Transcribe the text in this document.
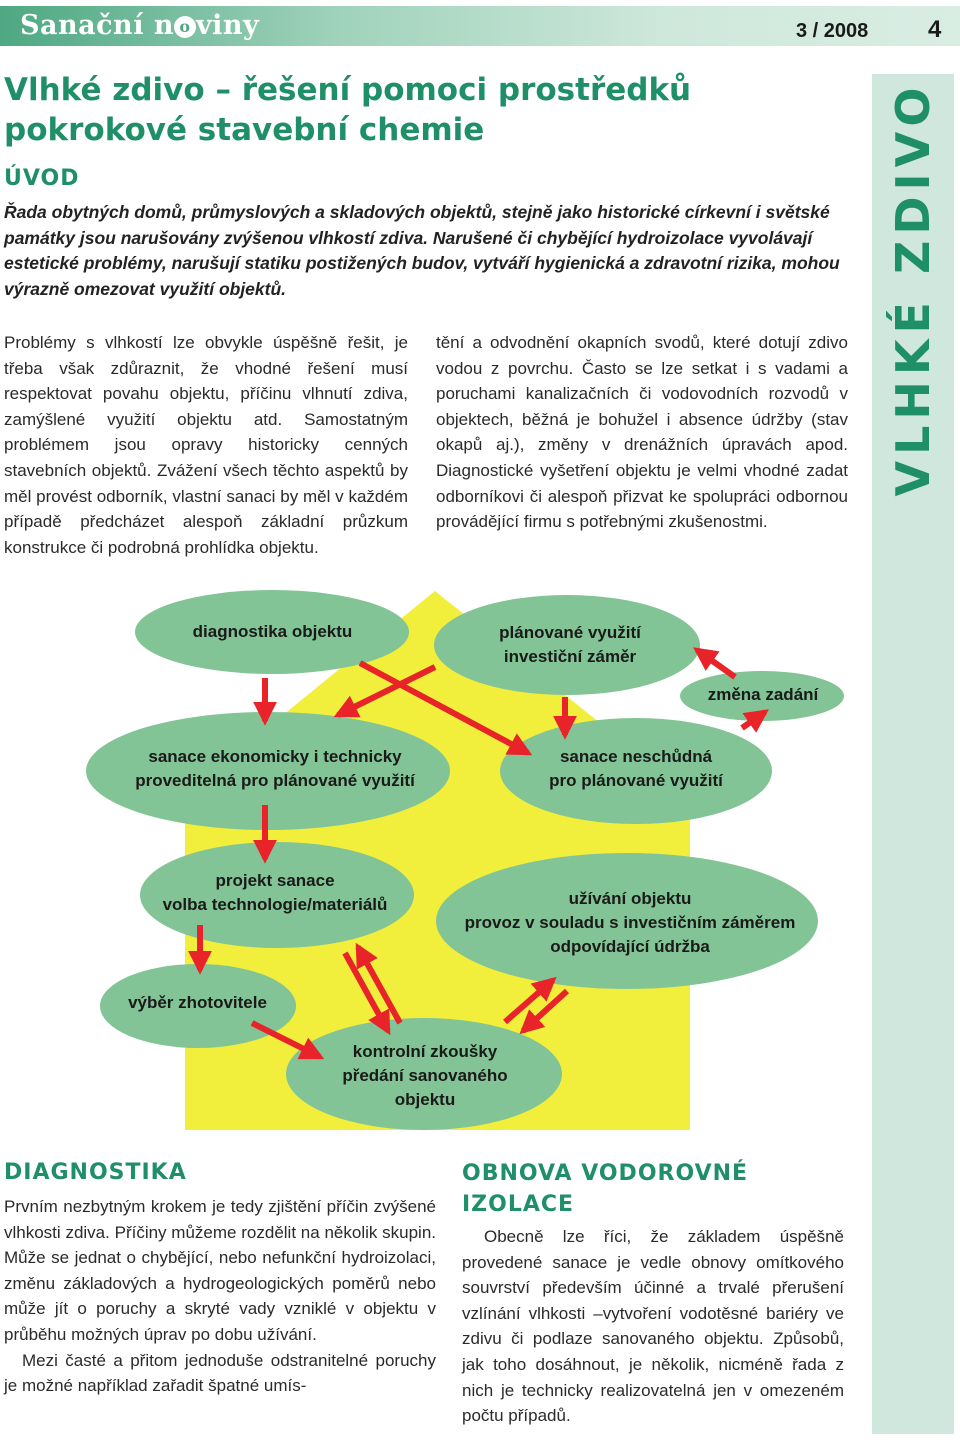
Sanační n o viny	3 / 2008 4
VLHKÉ ZDIVO
Vlhké zdivo – řešení pomoci prostředků pokrokové stavební chemie
ÚVOD

Řada obytných domů, průmyslových a skladových objektů, stejně jako historické církevní i světské památky jsou narušovány zvýšenou vlhkostí zdiva. Narušené či chybějící hydroizolace vyvolávají estetické problémy, narušují statiku postižených budov, vytváří hygienická a zdravotní rizika, mohou výrazně omezovat využití objektů.

Problémy s vlhkostí lze obvykle úspěšně řešit, je třeba však zdůraznit, že vhodné řešení musí respektovat povahu objektu, příčinu vlhnutí zdiva, zamýšlené využití objektu atd. Samostatným problémem jsou opravy historicky cenných stavebních objektů. Zvážení všech těchto aspektů by měl provést odborník, vlastní sanaci by měl v každém případě předcházet alespoň základní průzkum konstrukce či podrobná prohlídka objektu.

tění a odvodnění okapních svodů, které dotují zdivo vodou z povrchu. Často se lze setkat i s vadami a poruchami kanalizačních či vodovodních rozvodů v objektech, běžná je bohužel i absence údržby (stav okapů aj.), změny v drenážních úpravách apod. Diagnostické vyšetření objektu je velmi vhodné zadat odborníkovi či alespoň přizvat ke spolupráci odbornou provádějící firmu s potřebnými zkušenostmi.

diagnostika objektu	plánované využití
investiční záměr
změna zadání
sanace ekonomicky i technicky
proveditelná pro plánované využití
sanace neschůdná
pro plánované využití
projekt sanace
volba technologie/materiálů	užívání objektu
provoz v souladu s investičním záměrem
odpovídající údržba
výběr zhotovitele
kontrolní zkoušky
předání sanovaného
objektu
DIAGNOSTIKA

Prvním nezbytným krokem je tedy zjištění příčin zvýšené vlhkosti zdiva. Příčiny můžeme rozdělit na několik skupin. Může se jednat o chybějící, nebo nefunkční hydroizolaci, změnu základových a hydrogeologických poměrů nebo může jít o poruchy a skryté vady vzniklé v objektu v průběhu možných úprav po dobu užívání.

Mezi časté a přitom jednoduše odstranitelné poruchy je možné například zařadit špatné umís-

OBNOVA VODOROVNÉ IZOLACE

Obecně lze říci, že základem úspěšně provedené sanace je vedle obnovy omítkového souvrství především účinné a trvalé přerušení vzlínání vlhkosti –vytvoření vodotěsné bariéry ve zdivu či podlaze sanovaného objektu. Způsobů, jak toho dosáhnout, je několik, nicméně řada z nich je technicky realizovatelná jen v omezeném počtu případů.
